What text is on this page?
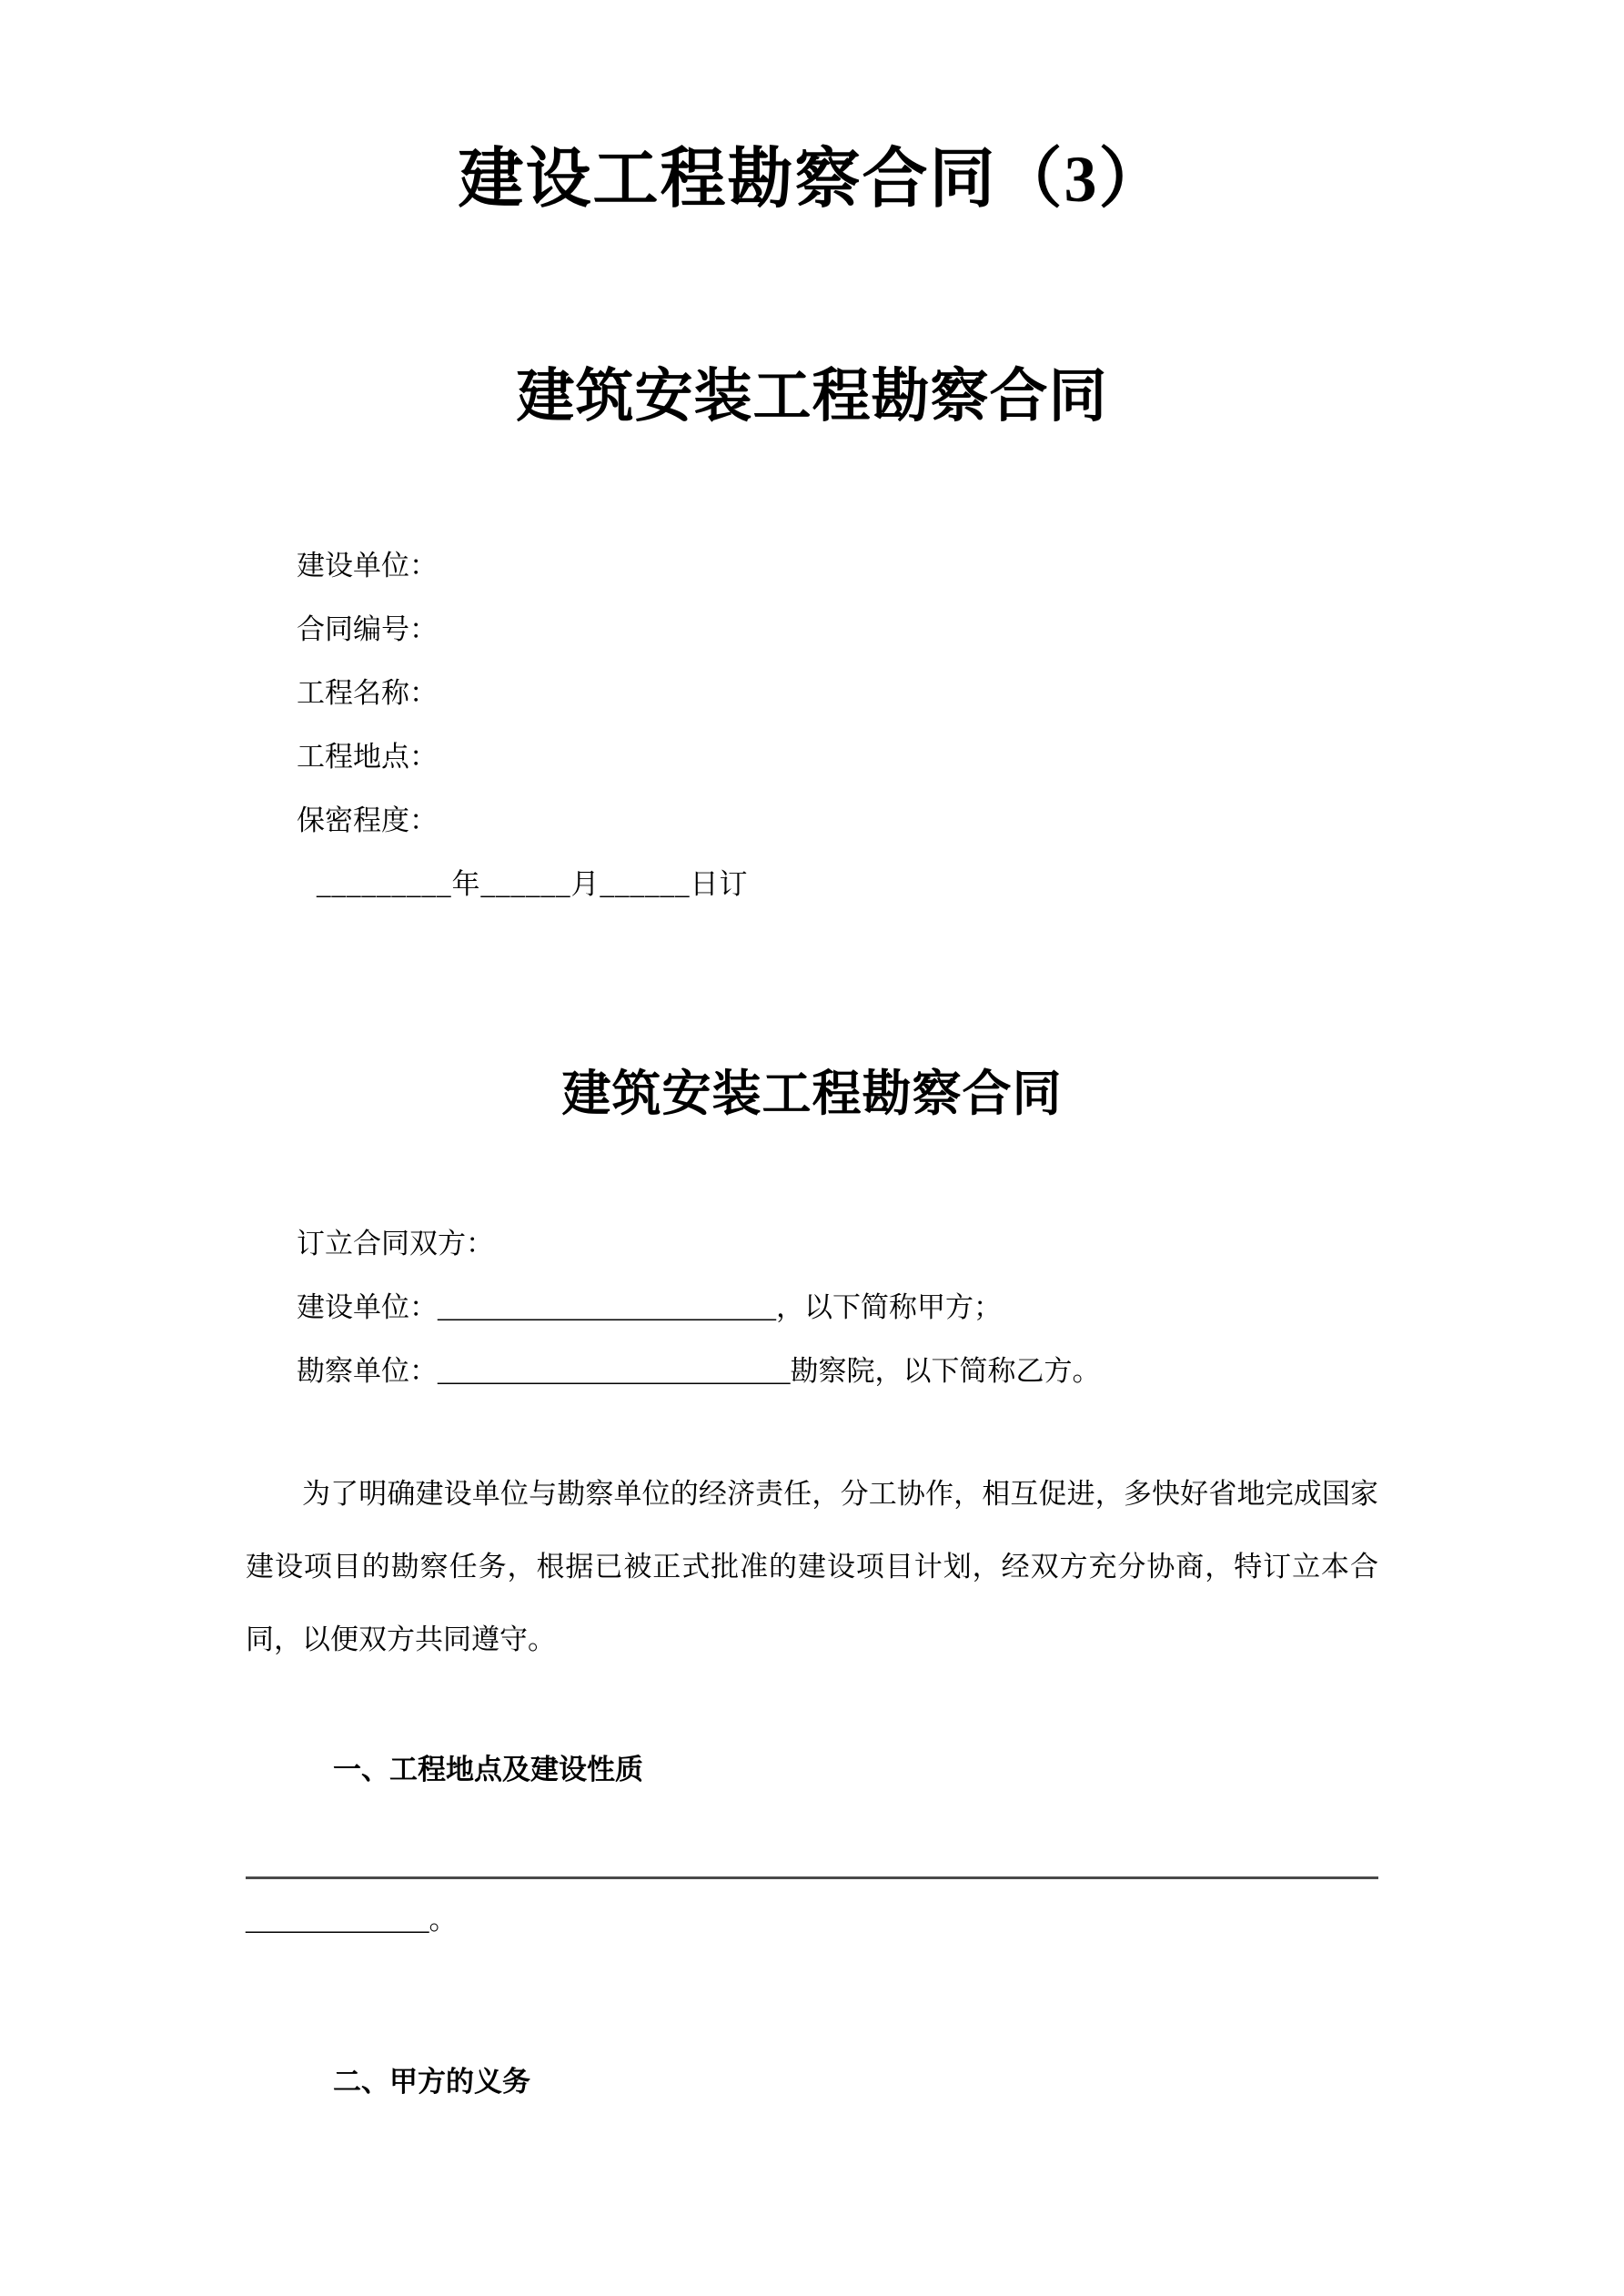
建设工程勘察合同（3）
建筑安装工程勘察合同
建设单位：
合同编号：
工程名称：
工程地点：
保密程度：
_________年______月______日订
建筑安装工程勘察合同
订立合同双方：
建设单位：________________________，以下简称甲方；
勘察单位：_________________________勘察院，以下简称乙方。

为了明确建设单位与勘察单位的经济责任，分工协作，相互促进，多快好省地完成国家建设项目的勘察任务，根据已被正式批准的建设项目计划，经双方充分协商，特订立本合同，以便双方共同遵守。

一、工程地点及建设性质
_____________。
二、甲方的义务
